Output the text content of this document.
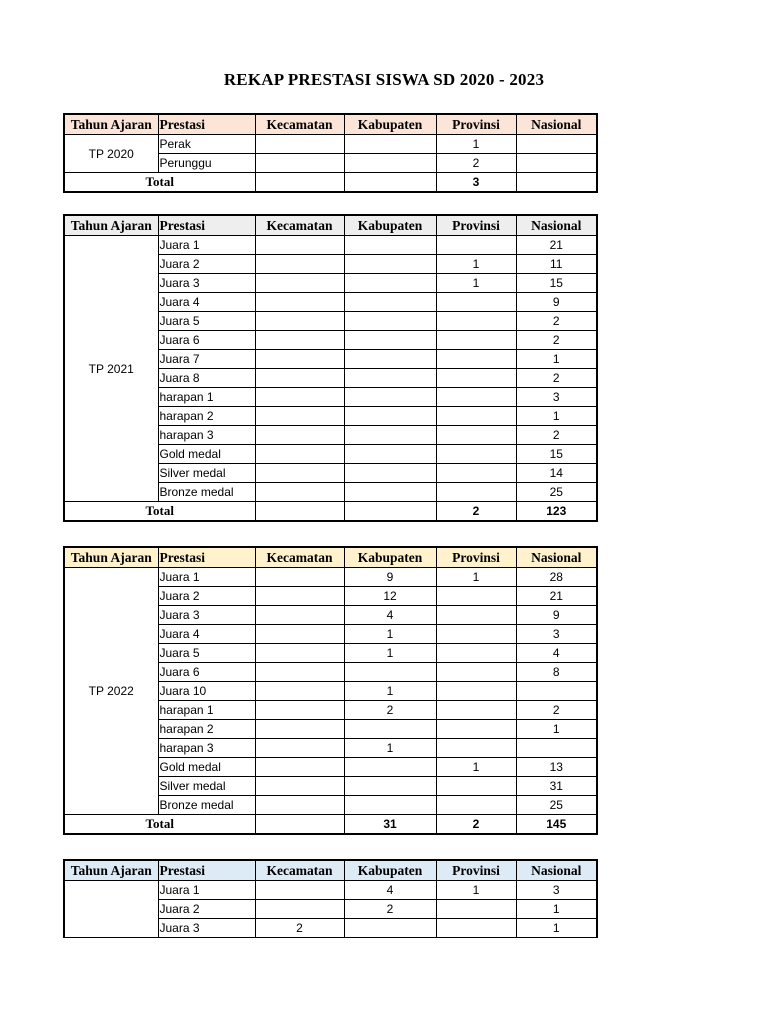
REKAP PRESTASI SISWA SD 2020 - 2023
Tahun Ajaran	Prestasi	Kecamatan	Kabupaten	Provinsi	Nasional
TP 2020	Perak			1	
	Perunggu			2	
Total				3	
Tahun Ajaran	Prestasi	Kecamatan	Kabupaten	Provinsi	Nasional
TP 2021	Juara 1				21
	Juara 2			1	11
	Juara 3			1	15
	Juara 4				9
	Juara 5				2
	Juara 6				2
	Juara 7				1
	Juara 8				2
	harapan 1				3
	harapan 2				1
	harapan 3				2
	Gold medal				15
	Silver medal				14
	Bronze medal				25
Total				2	123
Tahun Ajaran	Prestasi	Kecamatan	Kabupaten	Provinsi	Nasional
TP 2022	Juara 1		9	1	28
	Juara 2		12		21
	Juara 3		4		9
	Juara 4		1		3
	Juara 5		1		4
	Juara 6				8
	Juara 10		1		
	harapan 1		2		2
	harapan 2				1
	harapan 3		1		
	Gold medal			1	13
	Silver medal				31
	Bronze medal				25
Total			31	2	145
Tahun Ajaran	Prestasi	Kecamatan	Kabupaten	Provinsi	Nasional
	Juara 1		4	1	3
	Juara 2		2		1
	Juara 3	2			1
